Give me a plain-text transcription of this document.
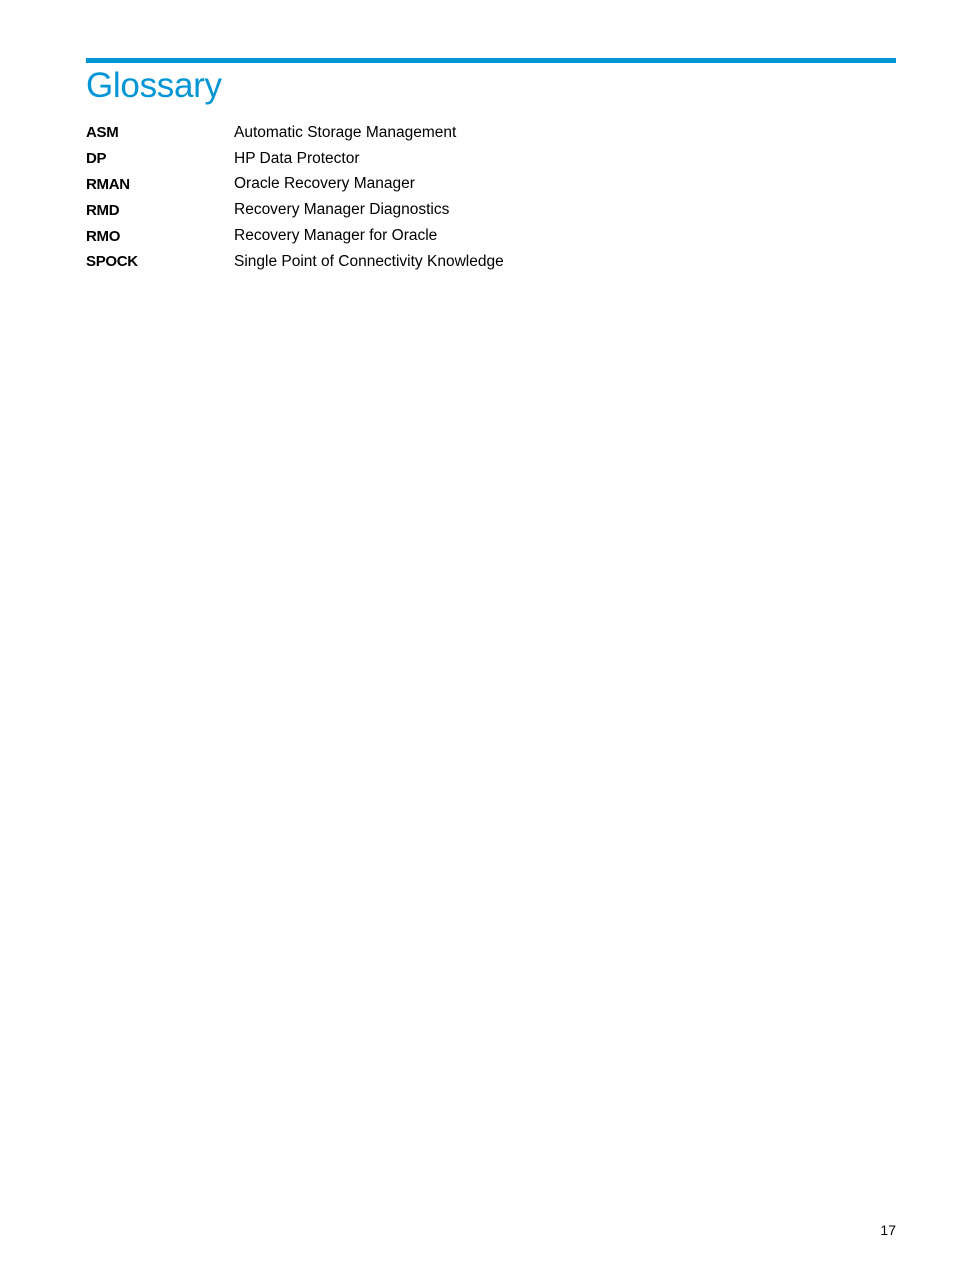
Glossary
ASM	Automatic Storage Management
DP	HP Data Protector
RMAN	Oracle Recovery Manager
RMD	Recovery Manager Diagnostics
RMO	Recovery Manager for Oracle
SPOCK	Single Point of Connectivity Knowledge
17
